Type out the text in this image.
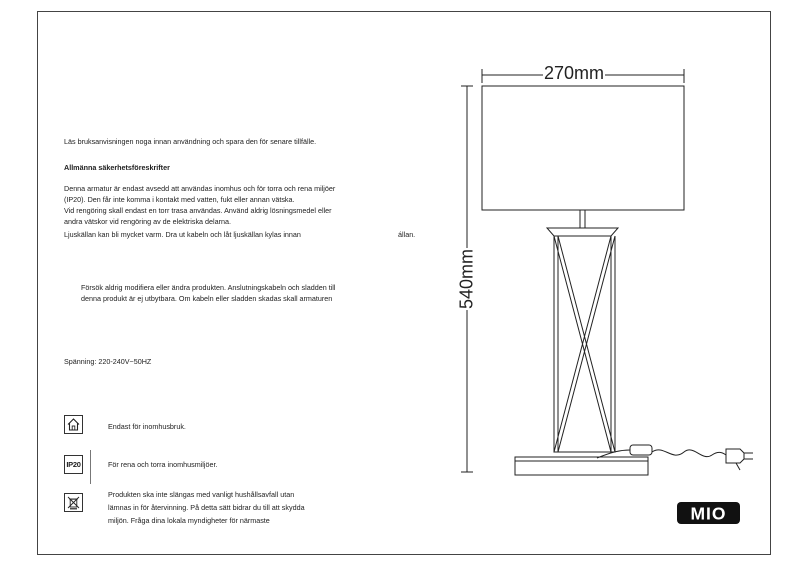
Läs bruksanvisningen noga innan användning och spara den för senare tillfälle.
Allmänna säkerhetsföreskrifter
Denna armatur är endast avsedd att användas inomhus och för torra och rena miljöer
(IP20). Den får inte komma i kontakt med vatten, fukt eller annan vätska.
Vid rengöring skall endast en torr trasa användas. Använd aldrig lösningsmedel eller
andra vätskor vid rengöring av de elektriska delarna.
Ljuskällan kan bli mycket varm. Dra ut kabeln och låt ljuskällan kylas innan	állan.
Försök aldrig modifiera eller ändra produkten. Anslutningskabeln och sladden till
denna produkt är ej utbytbara. Om kabeln eller sladden skadas skall armaturen
Spänning: 220-240V~50HZ
Endast för inomhusbruk.
IP20	För rena och torra inomhusmiljöer.
Produkten ska inte slängas med vanligt hushållsavfall utan
lämnas in för återvinning. På detta sätt bidrar du till att skydda
miljön. Fråga dina lokala myndigheter för närmaste	MIO
270mm
540mm
